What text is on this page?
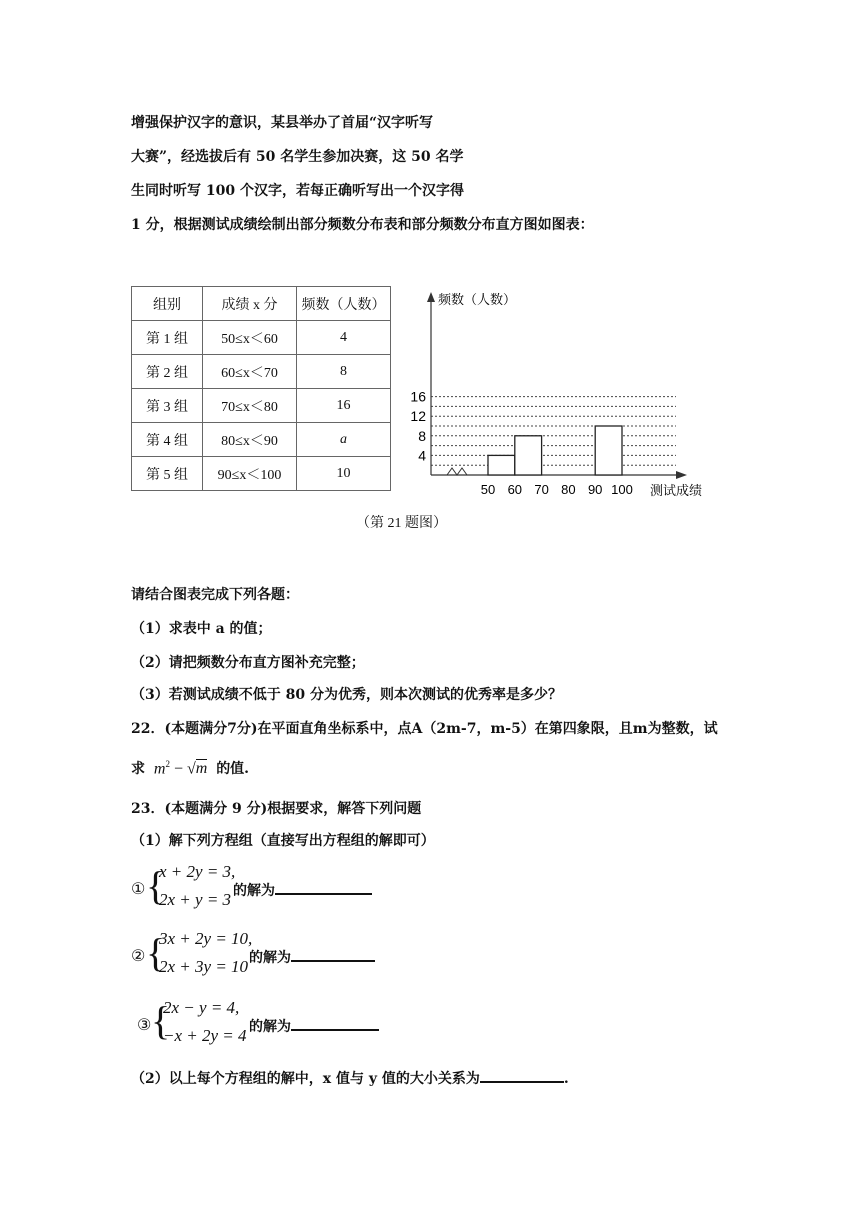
增强保护汉字的意识，某县举办了首届“汉字听写
大赛”，经选拔后有 50 名学生参加决赛，这 50 名学
生同时听写 100 个汉字，若每正确听写出一个汉字得
1 分，根据测试成绩绘制出部分频数分布表和部分频数分布直方图如图表：
组别	成绩 x 分	频数（人数）
第 1 组	50≤x＜60	4
第 2 组	60≤x＜70	8
第 3 组	70≤x＜80	16
第 4 组	80≤x＜90	a
第 5 组	90≤x＜100	10
4
8
12
16
50 60 70 80 90 100
频数（人数）
测试成绩
（第 21 题图）
请结合图表完成下列各题：
（1）求表中 a 的值；
（2）请把频数分布直方图补充完整；
（3）若测试成绩不低于 80 分为优秀，则本次测试的优秀率是多少？
22．(本题满分7分)在平面直角坐标系中，点A（2m-7，m-5）在第四象限，且m为整数，试
求 $m^2 - √m$ 的值.
23．(本题满分 9 分)根据要求，解答下列问题
（1）解下列方程组（直接写出方程组的解即可）
① {
x + 2y = 3,
2x + y = 3 的解为
② {
3x + 2y = 10,
2x + 3y = 10 的解为
③ {
2x − y = 4,
−x + 2y = 4 的解为
（2）以上每个方程组的解中，x 值与 y 值的大小关系为	.
